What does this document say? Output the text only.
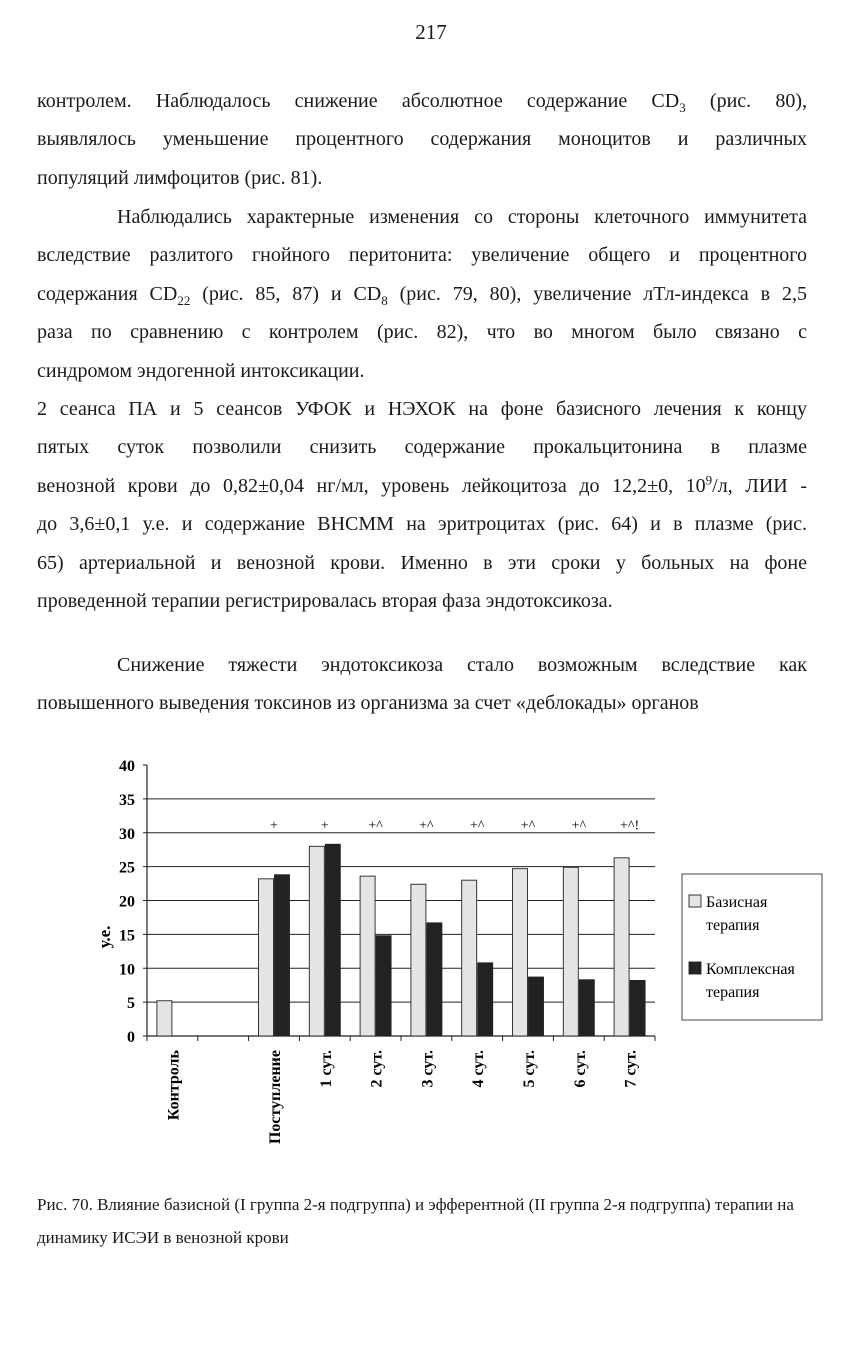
217
контролем. Наблюдалось снижение абсолютное содержание $CD_3$ (рис. 80),
выявлялось уменьшение процентного содержания моноцитов и различных
популяций лимфоцитов (рис. 81).
Наблюдались характерные изменения со стороны клеточного иммунитета
вследствие разлитого гнойного перитонита: увеличение общего и процентного
содержания $CD_{22}$ (рис. 85, 87) и $CD_8$ (рис. 79, 80), увеличение лТл-индекса в 2,5
раза по сравнению с контролем (рис. 82), что во многом было связано с
синдромом эндогенной интоксикации.
2 сеанса ПА и 5 сеансов УФОК и НЭХОК на фоне базисного лечения к концу
пятых суток позволили снизить содержание прокальцитонина в плазме
венозной крови до 0,82±0,04 нг/мл, уровень лейкоцитоза до 12,2±0, $10^9/л$, ЛИИ -
до 3,6±0,1 у.е. и содержание ВНСММ на эритроцитах (рис. 64) и в плазме (рис.
65) артериальной и венозной крови. Именно в эти сроки у больных на фоне
проведенной терапии регистрировалась вторая фаза эндотоксикоза.
Снижение тяжести эндотоксикоза стало возможным вследствие как
повышенного выведения токсинов из организма за счет «деблокады» органов
0
5
10
15
20
25
30
35
40
у.е.
Контроль	Поступление
+
1 сут.
+
2 сут.
+^
3 сут.
+^
4 сут.
+^
5 сут.
+^
6 сут.
+^
7 сут.
+^!
Базисная
терапия
Комплексная
терапия
Рис. 70. Влияние базисной (I группа 2-я подгруппа) и эфферентной (II группа 2-я подгруппа) терапии на динамику ИСЭИ в венозной крови
